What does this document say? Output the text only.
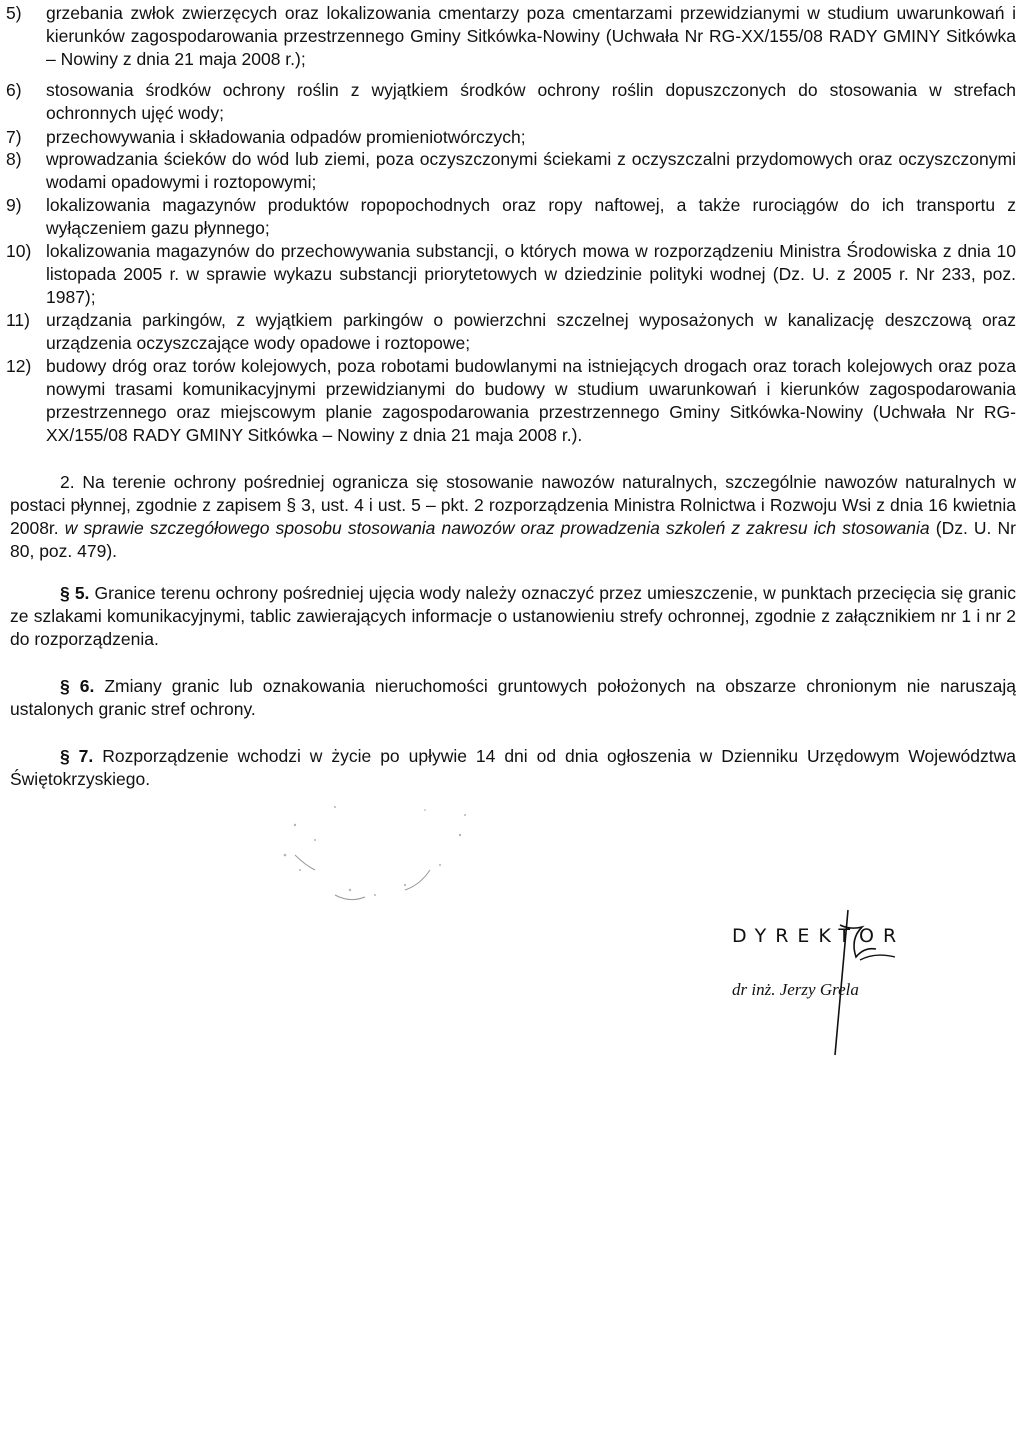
5)	grzebania zwłok zwierzęcych oraz lokalizowania cmentarzy poza cmentarzami przewidzianymi w studium uwarunkowań i kierunków zagospodarowania przestrzennego Gminy Sitkówka-Nowiny (Uchwała Nr RG-XX/155/08 RADY GMINY Sitkówka – Nowiny z dnia 21 maja 2008 r.);
6)	stosowania środków ochrony roślin z wyjątkiem środków ochrony roślin dopuszczonych do stosowania w strefach ochronnych ujęć wody;
7)	przechowywania i składowania odpadów promieniotwórczych;
8)	wprowadzania ścieków do wód lub ziemi, poza oczyszczonymi ściekami z oczyszczalni przydomowych oraz oczyszczonymi wodami opadowymi i roztopowymi;
9)	lokalizowania magazynów produktów ropopochodnych oraz ropy naftowej, a także rurociągów do ich transportu z wyłączeniem gazu płynnego;
10) lokalizowania magazynów do przechowywania substancji, o których mowa w rozporządzeniu Ministra Środowiska z dnia 10 listopada 2005 r. w sprawie wykazu substancji priorytetowych w dziedzinie polityki wodnej (Dz. U. z 2005 r. Nr 233, poz. 1987);
11) urządzania parkingów, z wyjątkiem parkingów o powierzchni szczelnej wyposażonych w kanalizację deszczową oraz urządzenia oczyszczające wody opadowe i roztopowe;
12) budowy dróg oraz torów kolejowych, poza robotami budowlanymi na istniejących drogach oraz torach kolejowych oraz poza nowymi trasami komunikacyjnymi przewidzianymi do budowy w studium uwarunkowań i kierunków zagospodarowania przestrzennego oraz miejscowym planie zagospodarowania przestrzennego Gminy Sitkówka-Nowiny (Uchwała Nr RG-XX/155/08 RADY GMINY Sitkówka – Nowiny z dnia 21 maja 2008 r.).
2. Na terenie ochrony pośredniej ogranicza się stosowanie nawozów naturalnych, szczególnie nawozów naturalnych w postaci płynnej, zgodnie z zapisem § 3, ust. 4 i ust. 5 – pkt. 2 rozporządzenia Ministra Rolnictwa i Rozwoju Wsi z dnia 16 kwietnia 2008r. w sprawie szczegółowego sposobu stosowania nawozów oraz prowadzenia szkoleń z zakresu ich stosowania (Dz. U. Nr 80, poz. 479).
§ 5. Granice terenu ochrony pośredniej ujęcia wody należy oznaczyć przez umieszczenie, w punktach przecięcia się granic ze szlakami komunikacyjnymi, tablic zawierających informacje o ustanowieniu strefy ochronnej, zgodnie z załącznikiem nr 1 i nr 2 do rozporządzenia.
§ 6. Zmiany granic lub oznakowania nieruchomości gruntowych położonych na obszarze chronionym nie naruszają ustalonych granic stref ochrony.
§ 7. Rozporządzenie wchodzi w życie po upływie 14 dni od dnia ogłoszenia w Dzienniku Urzędowym Województwa Świętokrzyskiego.
DYREKTOR
dr inż. Jerzy Grela
